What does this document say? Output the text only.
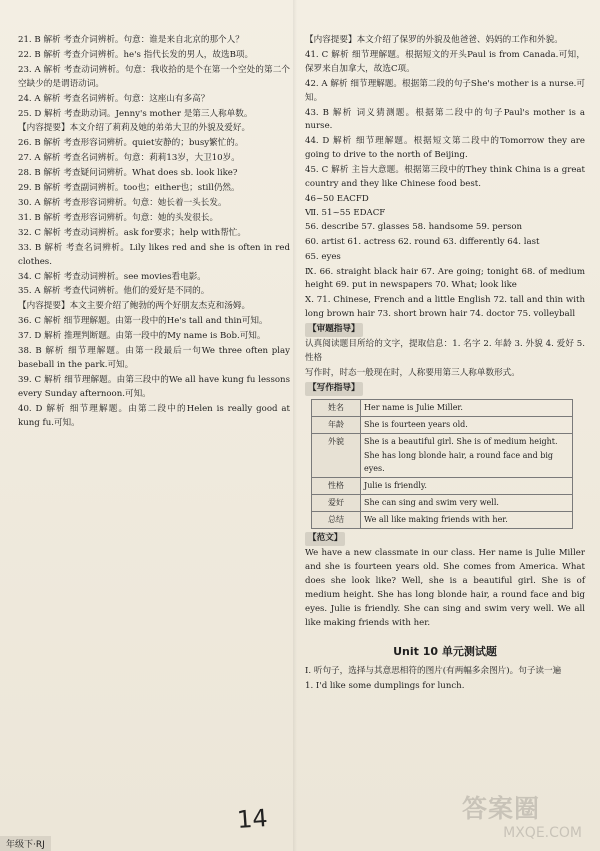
21. B 解析 考查介词辨析。句意：谁是来自北京的那个人？

22. B 解析 考查介词辨析。he's 指代长发的男人，故选B项。

23. A 解析 考查动词辨析。句意：我收拾的是个在第一个空处的第二个空缺少的是谓语动词。

24. A 解析 考查名词辨析。句意：这座山有多高？

25. D 解析 考查助动词。Jenny's mother 是第三人称单数。

【内容提要】本文介绍了莉莉及她的弟弟大卫的外貌及爱好。

26. B 解析 考查形容词辨析。quiet安静的；busy繁忙的。

27. A 解析 考查名词辨析。句意：莉莉13岁，大卫10岁。

28. B 解析 考查疑问词辨析。What does sb. look like?

29. B 解析 考查副词辨析。too也；either也；still仍然。

30. A 解析 考查形容词辨析。句意：她长着一头长发。

31. B 解析 考查形容词辨析。句意：她的头发很长。

32. C 解析 考查动词辨析。ask for要求；help with帮忙。

33. B 解析 考查名词辨析。Lily likes red and she is often in red clothes.

34. C 解析 考查动词辨析。see movies看电影。

35. A 解析 考查代词辨析。他们的爱好是不同的。

【内容提要】本文主要介绍了鲍勃的两个好朋友杰克和汤姆。

36. C 解析 细节理解题。由第一段中的He's tall and thin可知。

37. D 解析 推理判断题。由第一段中的My name is Bob.可知。

38. B 解析 细节理解题。由第一段最后一句We three often play baseball in the park.可知。

39. C 解析 细节理解题。由第三段中的We all have kung fu lessons every Sunday afternoon.可知。

40. D 解析 细节理解题。由第二段中的Helen is really good at kung fu.可知。

【内容提要】本文介绍了保罗的外貌及他爸爸、妈妈的工作和外貌。

41. C 解析 细节理解题。根据短文的开头Paul is from Canada.可知，保罗来自加拿大，故选C项。

42. A 解析 细节理解题。根据第二段的句子She's mother is a nurse.可知。

43. B 解析 词义猜测题。根据第二段中的句子Paul's mother is a nurse.

44. D 解析 细节理解题。根据短文第二段中的Tomorrow they are going to drive to the north of Beijing.

45. C 解析 主旨大意题。根据第三段中的They think China is a great country and they like Chinese food best.

46~50 EACFD

Ⅶ. 51~55 EDACF

56. describe 57. glasses 58. handsome 59. person

60. artist 61. actress 62. round 63. differently 64. last

65. eyes

Ⅸ. 66. straight black hair 67. Are going; tonight 68. of medium height 69. put in newspapers 70. What; look like

Ⅹ. 71. Chinese, French and a little English 72. tall and thin with long brown hair 73. short brown hair 74. doctor 75. volleyball

【审题指导】

认真阅读题目所给的文字，提取信息：1. 名字 2. 年龄 3. 外貌 4. 爱好 5. 性格

写作时，时态一般现在时，人称要用第三人称单数形式。

【写作指导】

姓名	Her name is Julie Miller.
年龄	She is fourteen years old.
外貌	She is a beautiful girl. She is of medium height. She has long blonde hair, a round face and big eyes.
性格	Julie is friendly.
爱好	She can sing and swim very well.
总结	We all like making friends with her.

【范文】

We have a new classmate in our class. Her name is Julie Miller and she is fourteen years old. She comes from America. What does she look like? Well, she is a beautiful girl. She is of medium height. She has long blonde hair, a round face and big eyes. Julie is friendly. She can sing and swim very well. We all like making friends with her.

Unit 10 单元测试题

Ⅰ. 听句子，选择与其意思相符的图片(有两幅多余图片)。句子读一遍

1. I'd like some dumplings for lunch.

年级下·RJ
14	答案圈
MXQE.COM
